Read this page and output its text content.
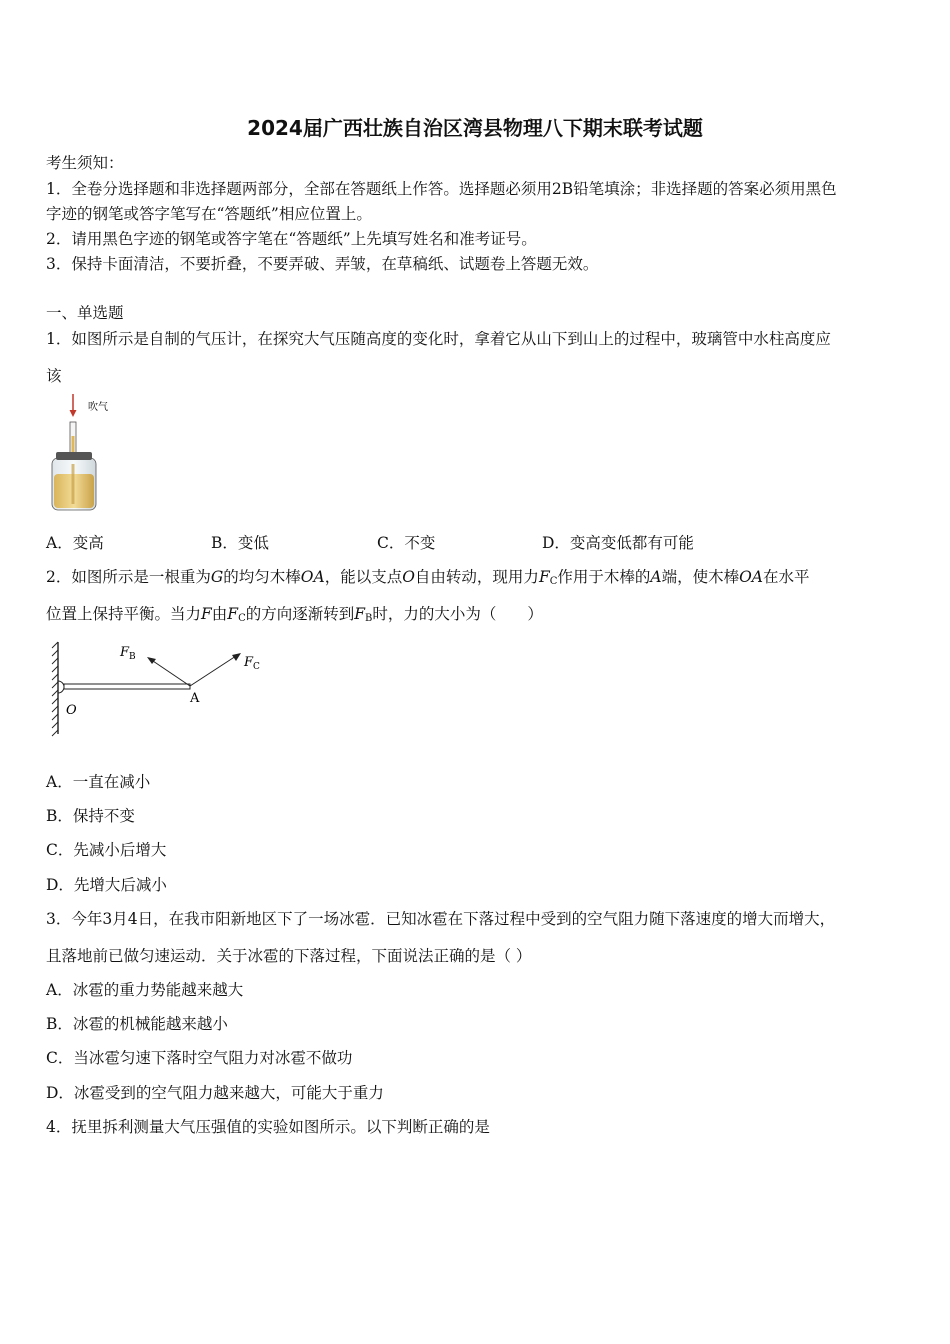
2024届广西壮族自治区湾县物理八下期末联考试题
考生须知：
1．全卷分选择题和非选择题两部分，全部在答题纸上作答。选择题必须用2B铅笔填涂；非选择题的答案必须用黑色
字迹的钢笔或答字笔写在“答题纸”相应位置上。
2．请用黑色字迹的钢笔或答字笔在“答题纸”上先填写姓名和准考证号。
3．保持卡面清洁，不要折叠，不要弄破、弄皱，在草稿纸、试题卷上答题无效。
一、单选题
1．如图所示是自制的气压计，在探究大气压随高度的变化时，拿着它从山下到山上的过程中，玻璃管中水柱高度应
该
吹气
A．变高	B．变低	C．不变	D．变高变低都有可能
2．如图所示是一根重为G的均匀木棒OA，能以支点O自由转动，现用力$F_C$作用于木棒的A端，使木棒OA在水平
位置上保持平衡。当力F由$F_C$的方向逐渐转到$F_B$时，力的大小为（　　）
$F_B$	$F_C$
O
A
A．一直在减小
B．保持不变
C．先减小后增大
D．先增大后减小
3．今年3月4日，在我市阳新地区下了一场冰雹．已知冰雹在下落过程中受到的空气阻力随下落速度的增大而增大，
且落地前已做匀速运动．关于冰雹的下落过程，下面说法正确的是（ ）
A．冰雹的重力势能越来越大
B．冰雹的机械能越来越小
C．当冰雹匀速下落时空气阻力对冰雹不做功
D．冰雹受到的空气阻力越来越大，可能大于重力
4．抚里拆利测量大气压强值的实验如图所示。以下判断正确的是
